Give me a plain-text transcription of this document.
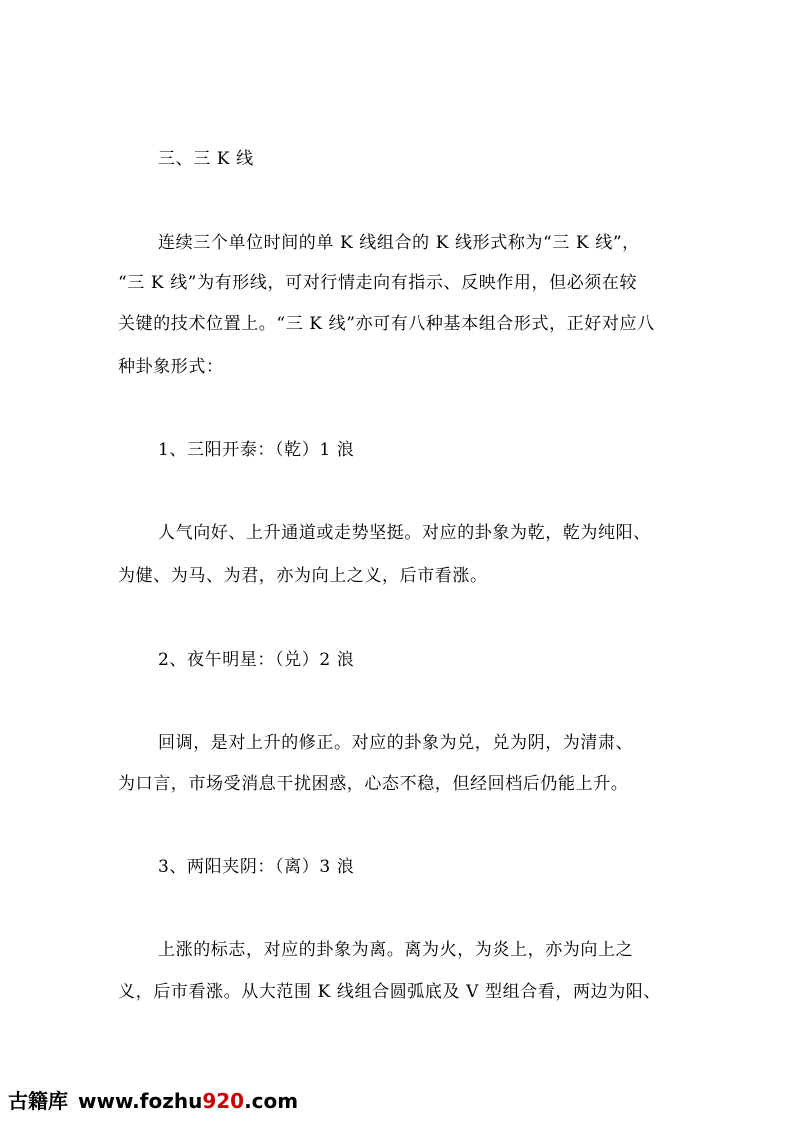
三、三 K 线
连续三个单位时间的单 K 线组合的 K 线形式称为“三 K 线”，
“三 K 线”为有形线，可对行情走向有指示、反映作用，但必须在较
关键的技术位置上。“三 K 线”亦可有八种基本组合形式，正好对应八
种卦象形式：
1、三阳开泰：（乾）1 浪
人气向好、上升通道或走势坚挺。对应的卦象为乾，乾为纯阳、
为健、为马、为君，亦为向上之义，后市看涨。
2、夜午明星：（兑）2 浪
回调，是对上升的修正。对应的卦象为兑，兑为阴，为清肃、
为口言，市场受消息干扰困惑，心态不稳，但经回档后仍能上升。
3、两阳夹阴：（离）3 浪
上涨的标志，对应的卦象为离。离为火，为炎上，亦为向上之
义，后市看涨。从大范围 K 线组合圆弧底及 V 型组合看，两边为阳、
古籍库 www.fozhu920.com
